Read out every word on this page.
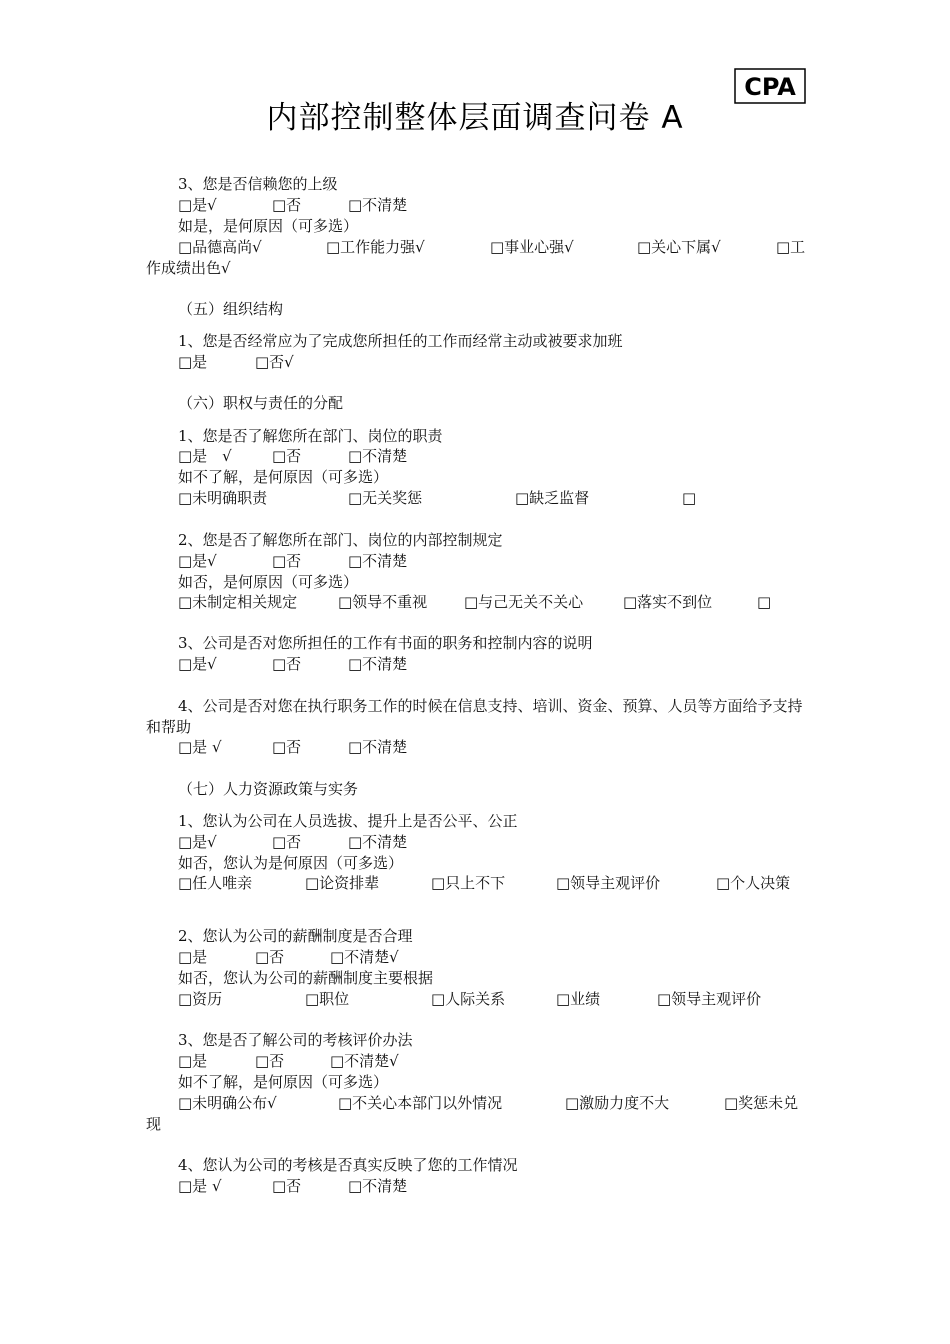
CPA
内部控制整体层面调查问卷 A
3、您是否信赖您的上级
□是√	□否	□不清楚
如是，是何原因（可多选）
□品德高尚√	□工作能力强√	□事业心强√	□关心下属√	□工
作成绩出色√
（五）组织结构
1、您是否经常应为了完成您所担任的工作而经常主动或被要求加班
□是	□否√
（六）职权与责任的分配
1、您是否了解您所在部门、岗位的职责
□是　√	□否	□不清楚
如不了解，是何原因（可多选）
□未明确职责	□无关奖惩	□缺乏监督	□
2、您是否了解您所在部门、岗位的内部控制规定
□是√	□否	□不清楚
如否，是何原因（可多选）
□未制定相关规定	□领导不重视 □与己无关不关心	□落实不到位	□
3、公司是否对您所担任的工作有书面的职务和控制内容的说明
□是√	□否	□不清楚
4、公司是否对您在执行职务工作的时候在信息支持、培训、资金、预算、人员等方面给予支持和帮助
□是 √	□否	□不清楚
（七）人力资源政策与实务
1、您认为公司在人员选拔、提升上是否公平、公正
□是√	□否	□不清楚
如否，您认为是何原因（可多选）
□任人唯亲	□论资排辈	□只上不下	□领导主观评价	□个人决策
2、您认为公司的薪酬制度是否合理
□是	□否	□不清楚√
如否，您认为公司的薪酬制度主要根据
□资历	□职位	□人际关系	□业绩	□领导主观评价
3、您是否了解公司的考核评价办法
□是	□否	□不清楚√
如不了解，是何原因（可多选）
□未明确公布√	□不关心本部门以外情况	□激励力度不大	□奖惩未兑
现
4、您认为公司的考核是否真实反映了您的工作情况
□是 √	□否	□不清楚
